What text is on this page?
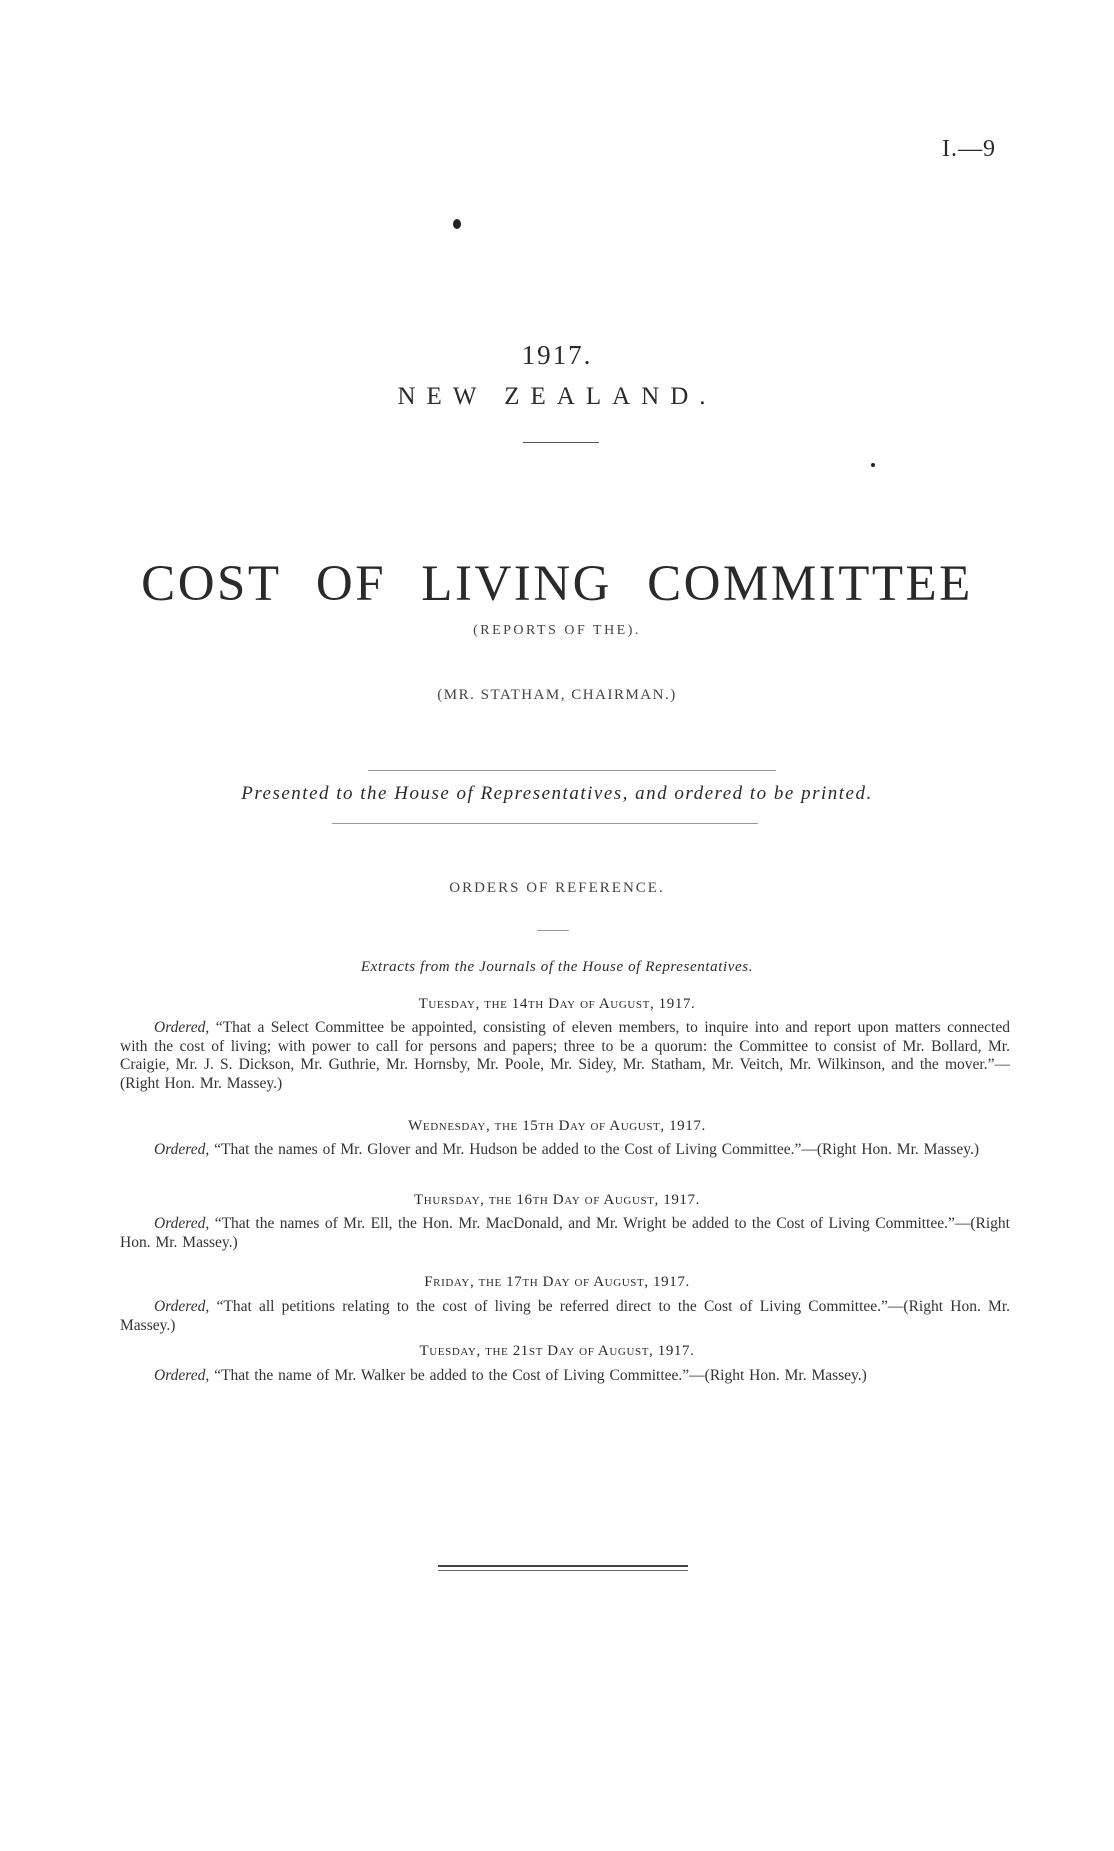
I.—9
1917.
NEW ZEALAND.
COST OF LIVING COMMITTEE
(REPORTS OF THE).
(MR. STATHAM, CHAIRMAN.)
Presented to the House of Representatives, and ordered to be printed.
ORDERS OF REFERENCE.
Extracts from the Journals of the House of Representatives.
Tuesday, the 14th Day of August, 1917.
Ordered, “That a Select Committee be appointed, consisting of eleven members, to inquire into and report upon matters connected with the cost of living; with power to call for persons and papers; three to be a quorum: the Committee to consist of Mr. Bollard, Mr. Craigie, Mr. J. S. Dickson, Mr. Guthrie, Mr. Hornsby, Mr. Poole, Mr. Sidey, Mr. Statham, Mr. Veitch, Mr. Wilkinson, and the mover.”—(Right Hon. Mr. Massey.)
Wednesday, the 15th Day of August, 1917.
Ordered, “That the names of Mr. Glover and Mr. Hudson be added to the Cost of Living Committee.”—(Right Hon. Mr. Massey.)
Thursday, the 16th Day of August, 1917.
Ordered, “That the names of Mr. Ell, the Hon. Mr. MacDonald, and Mr. Wright be added to the Cost of Living Committee.”—(Right Hon. Mr. Massey.)
Friday, the 17th Day of August, 1917.
Ordered, “That all petitions relating to the cost of living be referred direct to the Cost of Living Committee.”—(Right Hon. Mr. Massey.)
Tuesday, the 21st Day of August, 1917.
Ordered, “That the name of Mr. Walker be added to the Cost of Living Committee.”—(Right Hon. Mr. Massey.)
